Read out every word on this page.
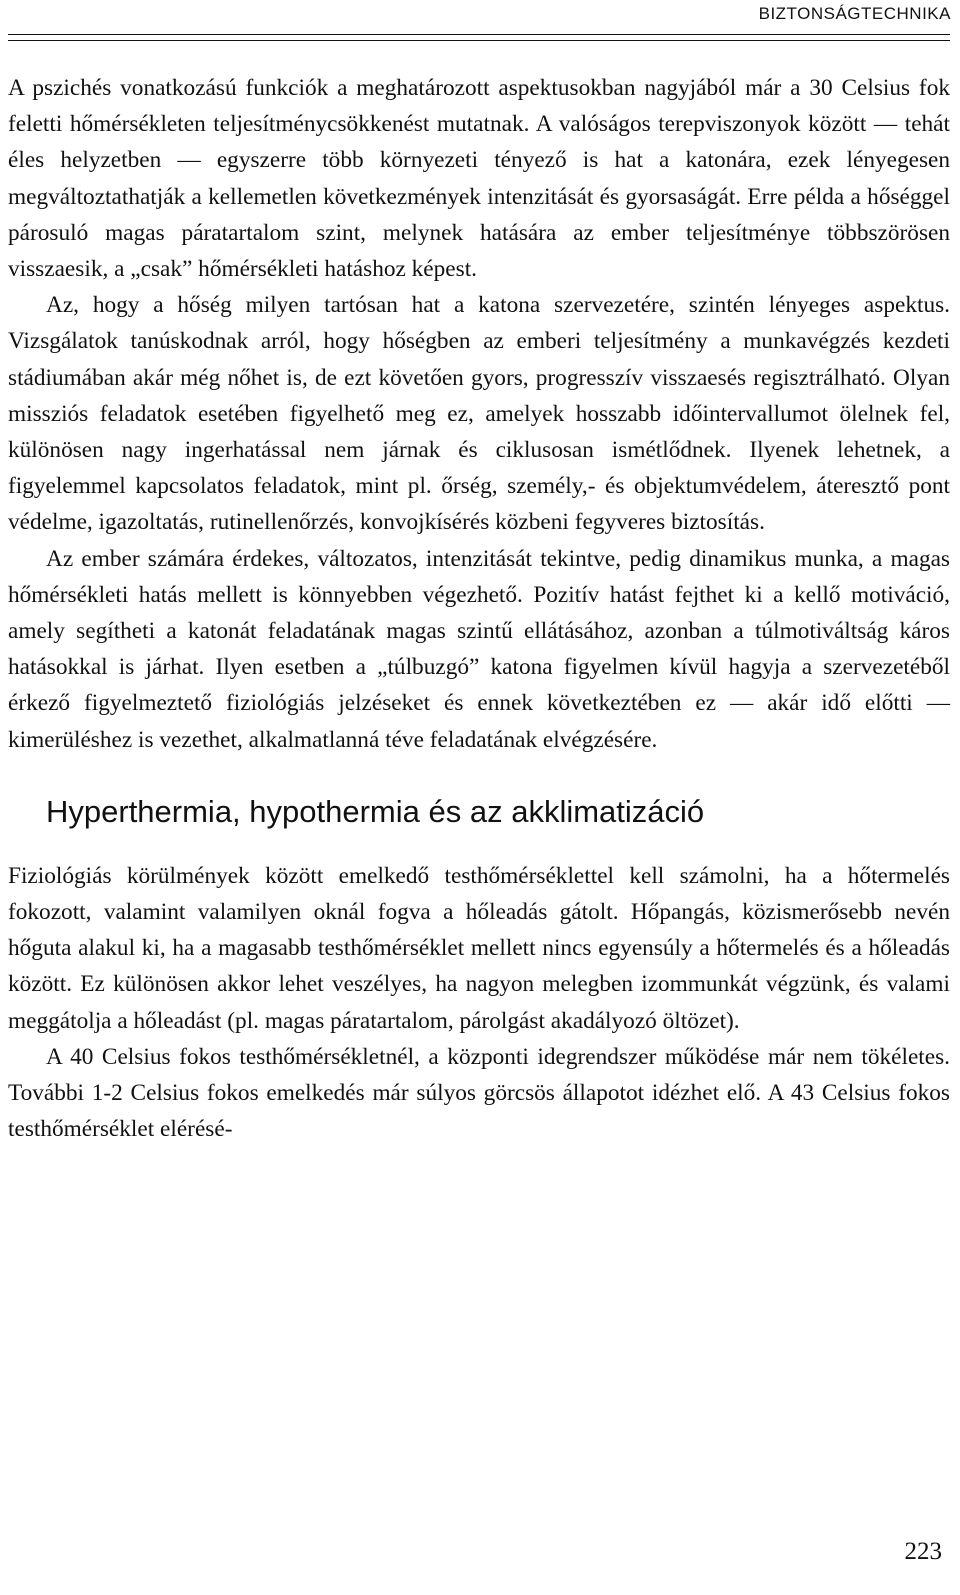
BIZTONSÁGTECHNIKA

A pszichés vonatkozású funkciók a meghatározott aspektusokban nagyjából már a 30 Celsius fok feletti hőmérsékleten teljesítménycsökkenést mutatnak. A valóságos terepviszonyok között — tehát éles helyzetben — egyszerre több környezeti tényező is hat a katonára, ezek lényegesen megváltoztathatják a kellemetlen következmények intenzitását és gyorsaságát. Erre példa a hőséggel párosuló magas páratartalom szint, melynek hatására az ember teljesítménye többszörösen visszaesik, a „csak” hőmérsékleti hatáshoz képest.

Az, hogy a hőség milyen tartósan hat a katona szervezetére, szintén lényeges aspektus. Vizsgálatok tanúskodnak arról, hogy hőségben az emberi teljesítmény a munkavégzés kezdeti stádiumában akár még nőhet is, de ezt követően gyors, progresszív visszaesés regisztrálható. Olyan missziós feladatok esetében figyelhető meg ez, amelyek hosszabb időintervallumot ölelnek fel, különösen nagy ingerhatással nem járnak és ciklusosan ismétlődnek. Ilyenek lehetnek, a figyelemmel kapcsolatos feladatok, mint pl. őrség, személy,- és objektumvédelem, áteresztő pont védelme, igazoltatás, rutinellenőrzés, konvojkísérés közbeni fegyveres biztosítás.

Az ember számára érdekes, változatos, intenzitását tekintve, pedig dinamikus munka, a magas hőmérsékleti hatás mellett is könnyebben végezhető. Pozitív hatást fejthet ki a kellő motiváció, amely segítheti a katonát feladatának magas szintű ellátásához, azonban a túlmotiváltság káros hatásokkal is járhat. Ilyen esetben a „túlbuzgó” katona figyelmen kívül hagyja a szervezetéből érkező figyelmeztető fiziológiás jelzéseket és ennek következtében ez — akár idő előtti — kimerüléshez is vezethet, alkalmatlanná téve feladatának elvégzésére.

Hyperthermia, hypothermia és az akklimatizáció

Fiziológiás körülmények között emelkedő testhőmérséklettel kell számolni, ha a hőtermelés fokozott, valamint valamilyen oknál fogva a hőleadás gátolt. Hőpangás, közismerősebb nevén hőguta alakul ki, ha a magasabb testhőmérséklet mellett nincs egyensúly a hőtermelés és a hőleadás között. Ez különösen akkor lehet veszélyes, ha nagyon melegben izommunkát végzünk, és valami meggátolja a hőleadást (pl. magas páratartalom, párolgást akadályozó öltözet).

A 40 Celsius fokos testhőmérsékletnél, a központi idegrendszer működése már nem tökéletes. További 1-2 Celsius fokos emelkedés már súlyos görcsös állapotot idézhet elő. A 43 Celsius fokos testhőmérséklet elérésé-

223
